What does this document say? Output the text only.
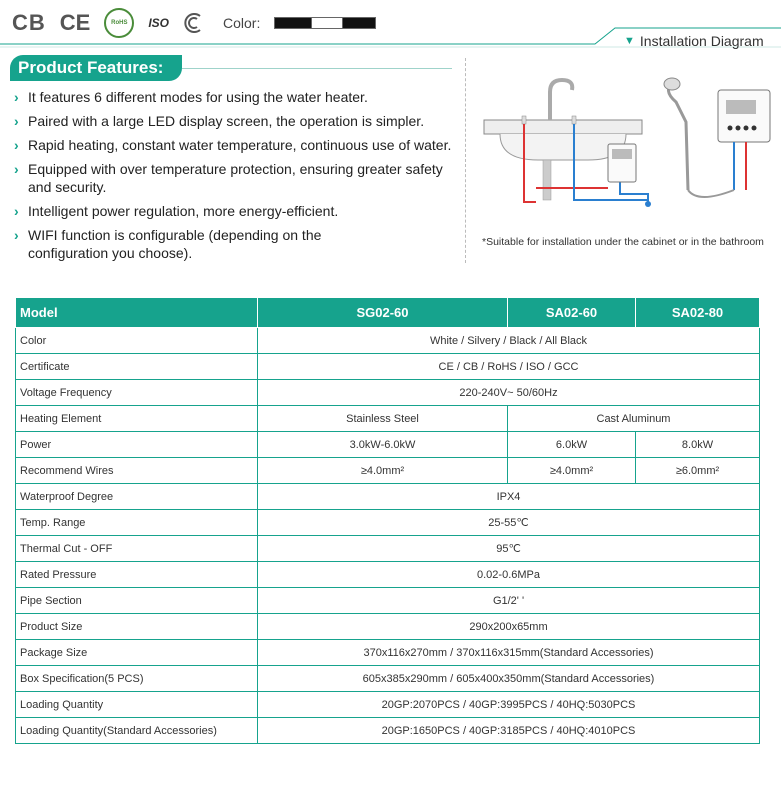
CB CE	RoHS ISO	Color:
Product Features:
› It features 6 different modes for using the water heater.
› Paired with a large LED display screen, the operation is simpler.
› Rapid heating, constant water temperature, continuous use of water.
› Equipped with over temperature protection, ensuring greater safety and security.
› Intelligent power regulation, more energy-efficient.
› WIFI function is configurable (depending on the configuration you choose).
▼ Installation Diagram
*Suitable for installation under the cabinet or in the bathroom
Model	SG02-60	SA02-60	SA02-80
Color	White / Silvery / Black / All Black		
Certificate	CE / CB / RoHS / ISO / GCC		
Voltage Frequency	220-240V~ 50/60Hz		
Heating Element	Stainless Steel	Cast Aluminum	
Power	3.0kW-6.0kW	6.0kW	8.0kW
Recommend Wires	≥4.0mm²	≥4.0mm²	≥6.0mm²
Waterproof Degree	IPX4		
Temp. Range	25-55℃		
Thermal Cut - OFF	95℃		
Rated Pressure	0.02-0.6MPa		
Pipe Section	G1/2' '		
Product Size	290x200x65mm		
Package Size	370x116x270mm / 370x116x315mm(Standard Accessories)		
Box Specification(5 PCS)	605x385x290mm / 605x400x350mm(Standard Accessories)		
Loading Quantity	20GP:2070PCS / 40GP:3995PCS / 40HQ:5030PCS		
Loading Quantity(Standard Accessories)	20GP:1650PCS / 40GP:3185PCS / 40HQ:4010PCS		
